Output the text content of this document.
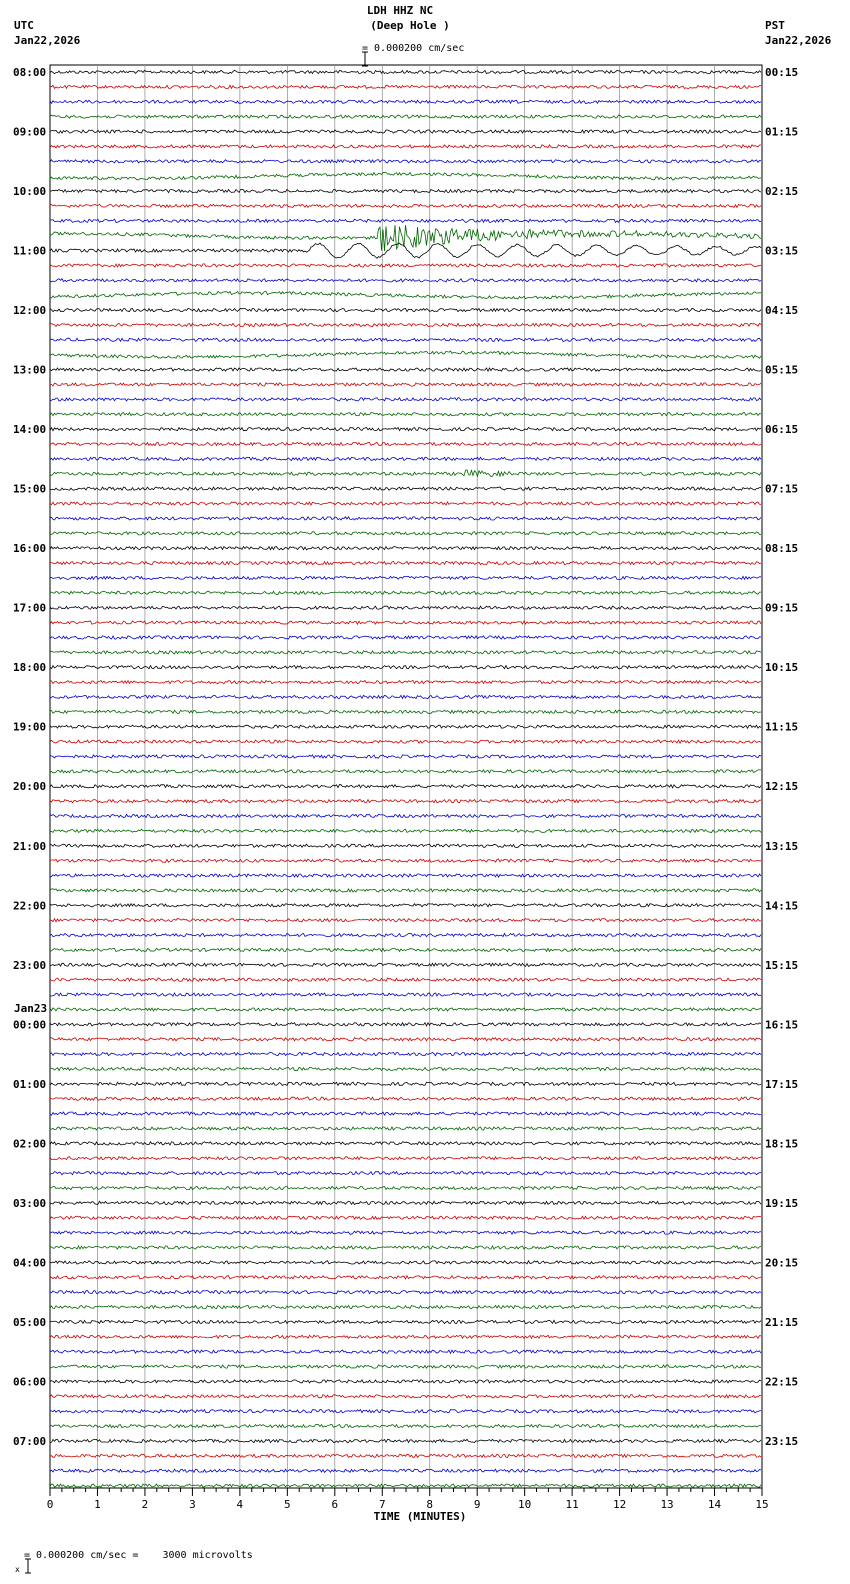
0	1	2	3	4	5	6	7	8	9	10	11	12	13	14	15
08:00
09:00
10:00
11:00
12:00
13:00
14:00
15:00
16:00
17:00
18:00
19:00
20:00
21:00
22:00
23:00
00:00
01:00
02:00
03:00
04:00
05:00
06:00
07:00
00:15
01:15
02:15
03:15
04:15
05:15
06:15
07:15
08:15
09:15
10:15
11:15
12:15
13:15
14:15
15:15
16:15
17:15
18:15
19:15
20:15
21:15
22:15
23:15
LDH HHZ NC
(Deep Hole )
UTC
Jan22,2026
PST
Jan22,2026

= 0.000200 cm/sec
TIME (MINUTES)

x

= 0.000200 cm/sec =    3000 microvolts
Jan23
